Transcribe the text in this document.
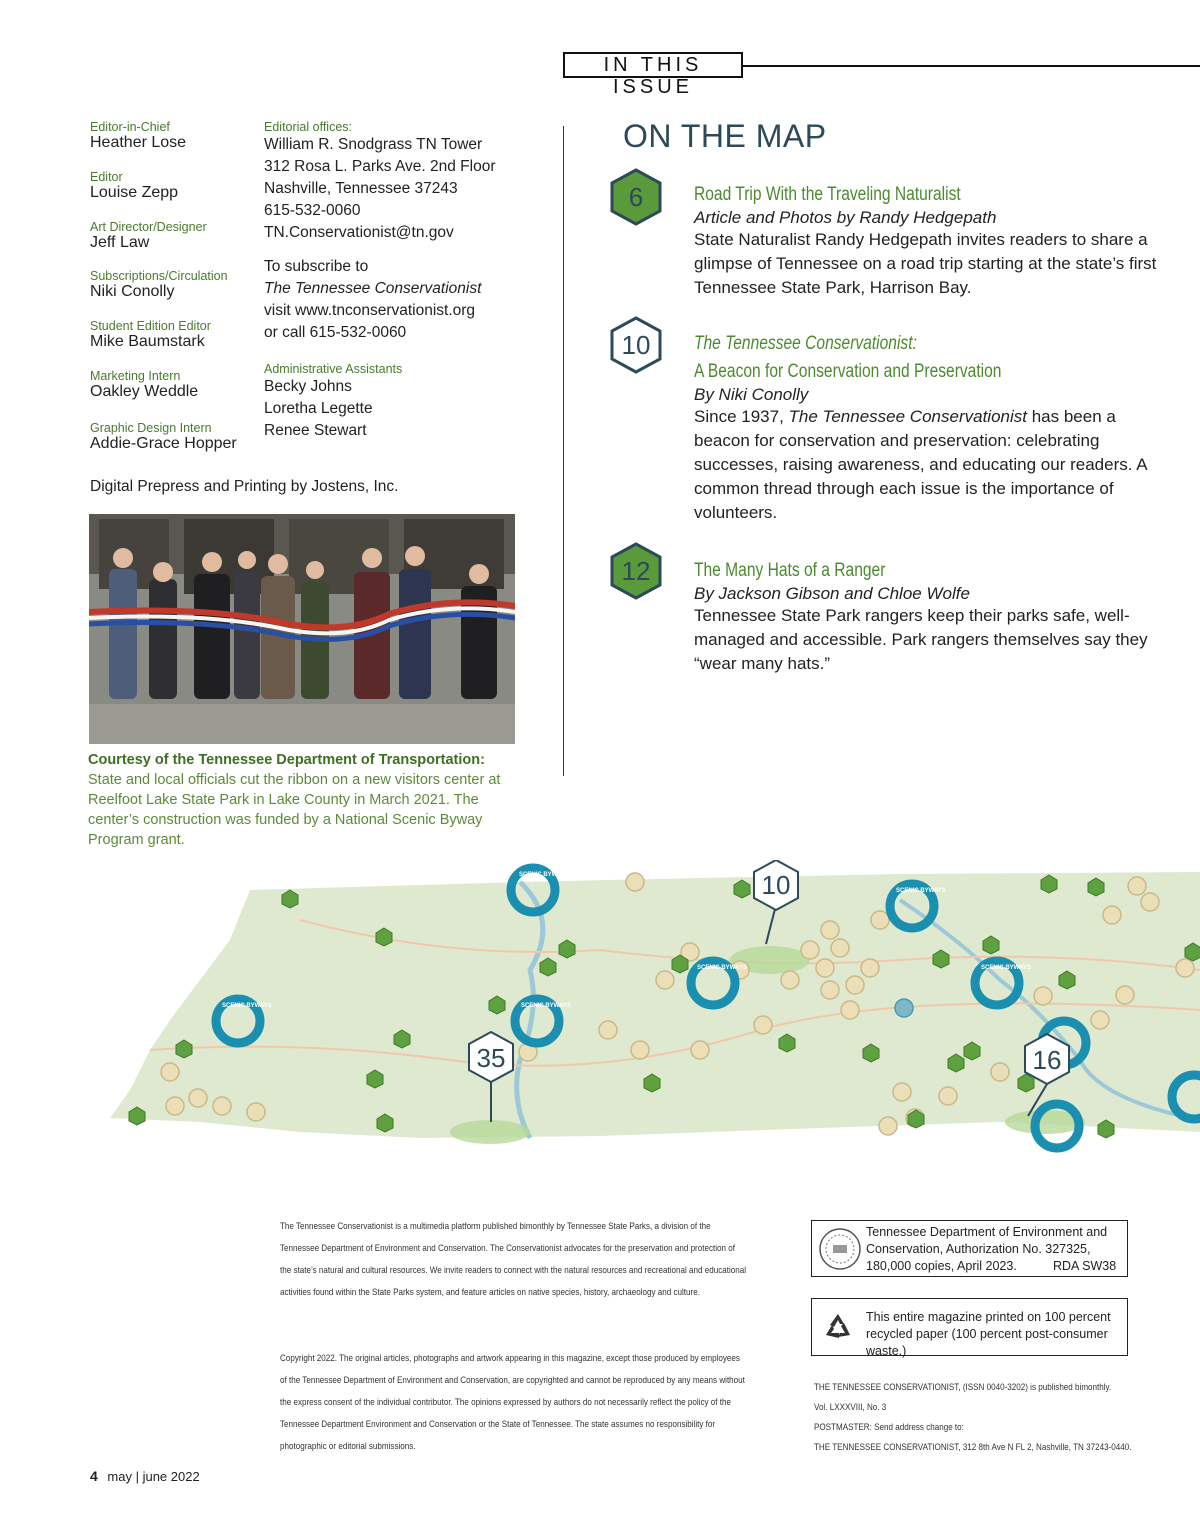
IN THIS ISSUE
Editor-in-Chief
Heather Lose
Editor
Louise Zepp
Art Director/Designer
Jeff Law
Subscriptions/Circulation
Niki Conolly
Student Edition Editor
Mike Baumstark
Marketing Intern
Oakley Weddle
Graphic Design Intern
Addie-Grace Hopper
Editorial offices:
William R. Snodgrass TN Tower
312 Rosa L. Parks Ave. 2nd Floor
Nashville, Tennessee 37243
615-532-0060
TN.Conservationist@tn.gov
To subscribe to
The Tennessee Conservationist
visit www.tnconservationist.org
or call 615-532-0060
Administrative Assistants
Becky Johns
Loretha Legette
Renee Stewart
Digital Prepress and Printing by Jostens, Inc.
Courtesy of the Tennessee Department of Transportation:
State and local officials cut the ribbon on a new visitors center at Reelfoot Lake State Park in Lake County in March 2021. The center’s construction was funded by a National Scenic Byway Program grant.
ON THE MAP
6	Road Trip With the Traveling Naturalist
Article and Photos by Randy Hedgepath
State Naturalist Randy Hedgepath invites readers to share a glimpse of Tennessee on a road trip starting at the state’s first Tennessee State Park, Harrison Bay.
10 The Tennessee Conservationist:
A Beacon for Conservation and Preservation
By Niki Conolly
Since 1937, The Tennessee Conservationist has been a beacon for conservation and preservation: celebrating successes, raising awareness, and educating our readers. A common thread through each issue is the importance of volunteers.
12 The Many Hats of a Ranger
By Jackson Gibson and Chloe Wolfe
Tennessee State Park rangers keep their parks safe, well-managed and accessible. Park rangers themselves say they “wear many hats.”
SCENIC BYWAYS
SCENIC BYWAYS	SCENIC BYWAYS
SCENIC BYWAYS
SCENIC BYWAYS
SCENIC BYWAYS
10
35	16
The Tennessee Conservationist is a multimedia platform published bimonthly by Tennessee State Parks, a division of the Tennessee Department of Environment and Conservation. The Conservationist advocates for the preservation and protection of the state’s natural and cultural resources. We invite readers to connect with the natural resources and recreational and educational activities found within the State Parks system, and feature articles on native species, history, archaeology and culture.
Copyright 2022. The original articles, photographs and artwork appearing in this magazine, except those produced by employees of the Tennessee Department of Environment and Conservation, are copyrighted and cannot be reproduced by any means without the express consent of the individual contributor. The opinions expressed by authors do not necessarily reflect the policy of the Tennessee Department Environment and Conservation or the State of Tennessee. The state assumes no responsibility for photographic or editorial submissions.
Tennessee Department of Environment and
Conservation, Authorization No. 327325,
180,000 copies, April 2023.	RDA SW38
This entire magazine printed on 100 percent
recycled paper (100 percent post-consumer waste.)
THE TENNESSEE CONSERVATIONIST, (ISSN 0040-3202) is published bimonthly.
Vol. LXXXVIII, No. 3
POSTMASTER: Send address change to:
THE TENNESSEE CONSERVATIONIST, 312 8th Ave N FL 2, Nashville, TN 37243-0440.
4 may | june 2022
